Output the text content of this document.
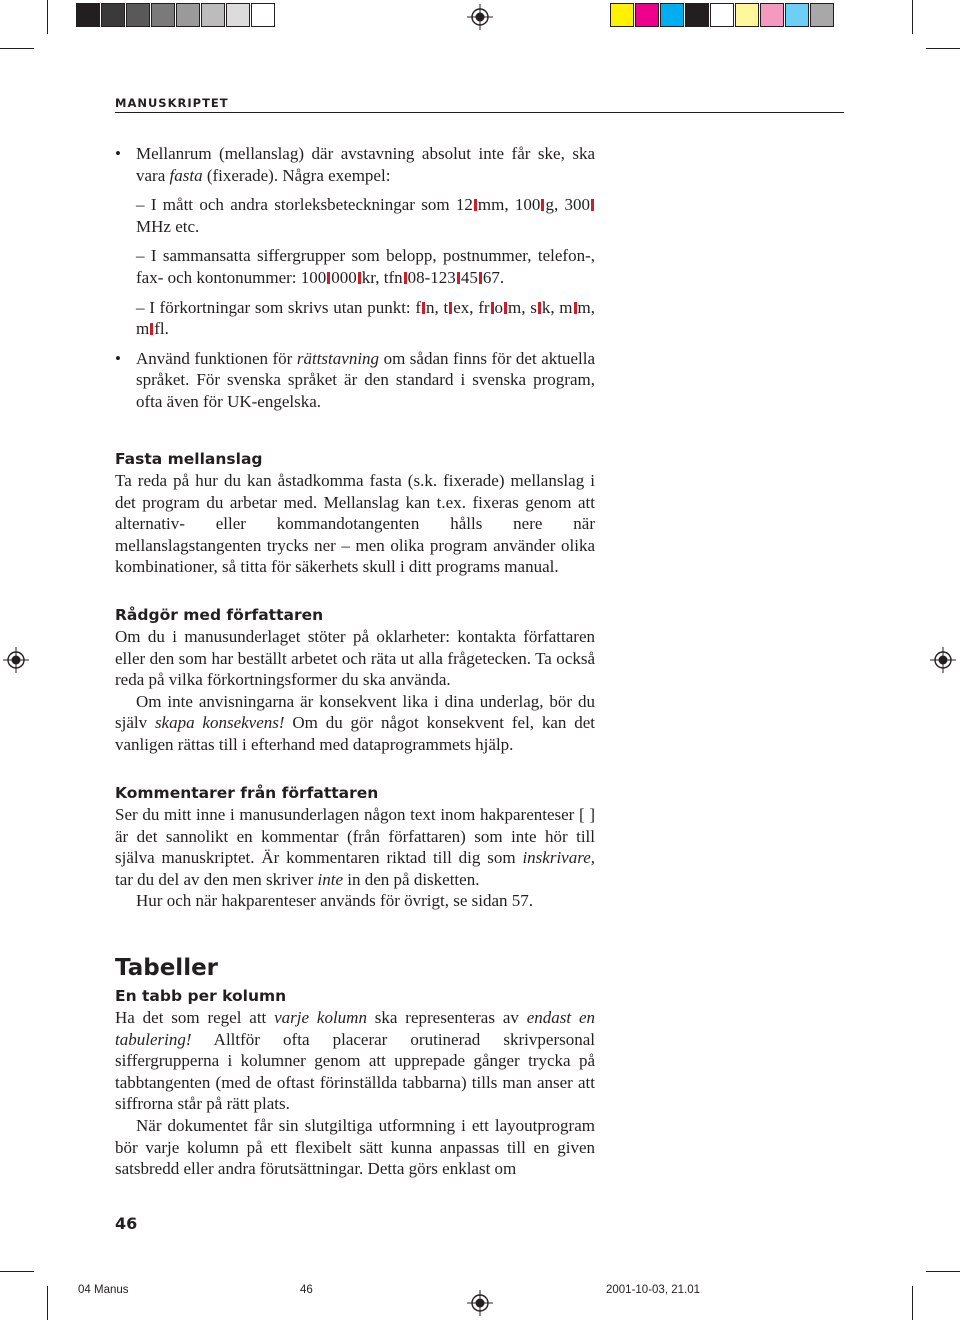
MANUSKRIPTET

• Mellanrum (mellanslag) där avstavning absolut inte får ske, ska vara fasta (fixerade). Några exempel:

– I mått och andra storleksbeteckningar som 12 mm, 100 g, 300MHz etc.

– I sammansatta siffergrupper som belopp, postnummer, telefon-, fax- och kontonummer: 100 000 kr, tfn 08-123 45 67.

– I förkortningar som skrivs utan punkt: f n, t ex, fr o m, s k, m m, m fl.

• Använd funktionen för rättstavning om sådan finns för det aktuella språket. För svenska språket är den standard i svenska program, ofta även för UK-engelska.

Fasta mellanslag

Ta reda på hur du kan åstadkomma fasta (s.k. fixerade) mellanslag i det program du arbetar med. Mellanslag kan t.ex. fixeras genom att alternativ- eller kommandotangenten hålls nere när mellanslagstangenten trycks ner – men olika program använder olika kombinationer, så titta för säkerhets skull i ditt programs manual.

Rådgör med författaren

Om du i manusunderlaget stöter på oklarheter: kontakta författaren eller den som har beställt arbetet och räta ut alla frågetecken. Ta också reda på vilka förkortningsformer du ska använda.

Om inte anvisningarna är konsekvent lika i dina underlag, bör du själv skapa konsekvens! Om du gör något konsekvent fel, kan det vanligen rättas till i efterhand med dataprogrammets hjälp.

Kommentarer från författaren

Ser du mitt inne i manusunderlagen någon text inom hakparenteser [ ] är det sannolikt en kommentar (från författaren) som inte hör till själva manuskriptet. Är kommentaren riktad till dig som inskrivare, tar du del av den men skriver inte in den på disketten.

Hur och när hakparenteser används för övrigt, se sidan 57.

Tabeller
En tabb per kolumn

Ha det som regel att varje kolumn ska representeras av endast en tabulering! Alltför ofta placerar orutinerad skrivpersonal siffergrupperna i kolumner genom att upprepade gånger trycka på tabbtangenten (med de oftast förinställda tabbarna) tills man anser att siffrorna står på rätt plats.

När dokumentet får sin slutgiltiga utformning i ett layoutprogram bör varje kolumn på ett flexibelt sätt kunna anpassas till en given satsbredd eller andra förutsättningar. Detta görs enklast om

46
04 Manus	46	2001-10-03, 21.01
